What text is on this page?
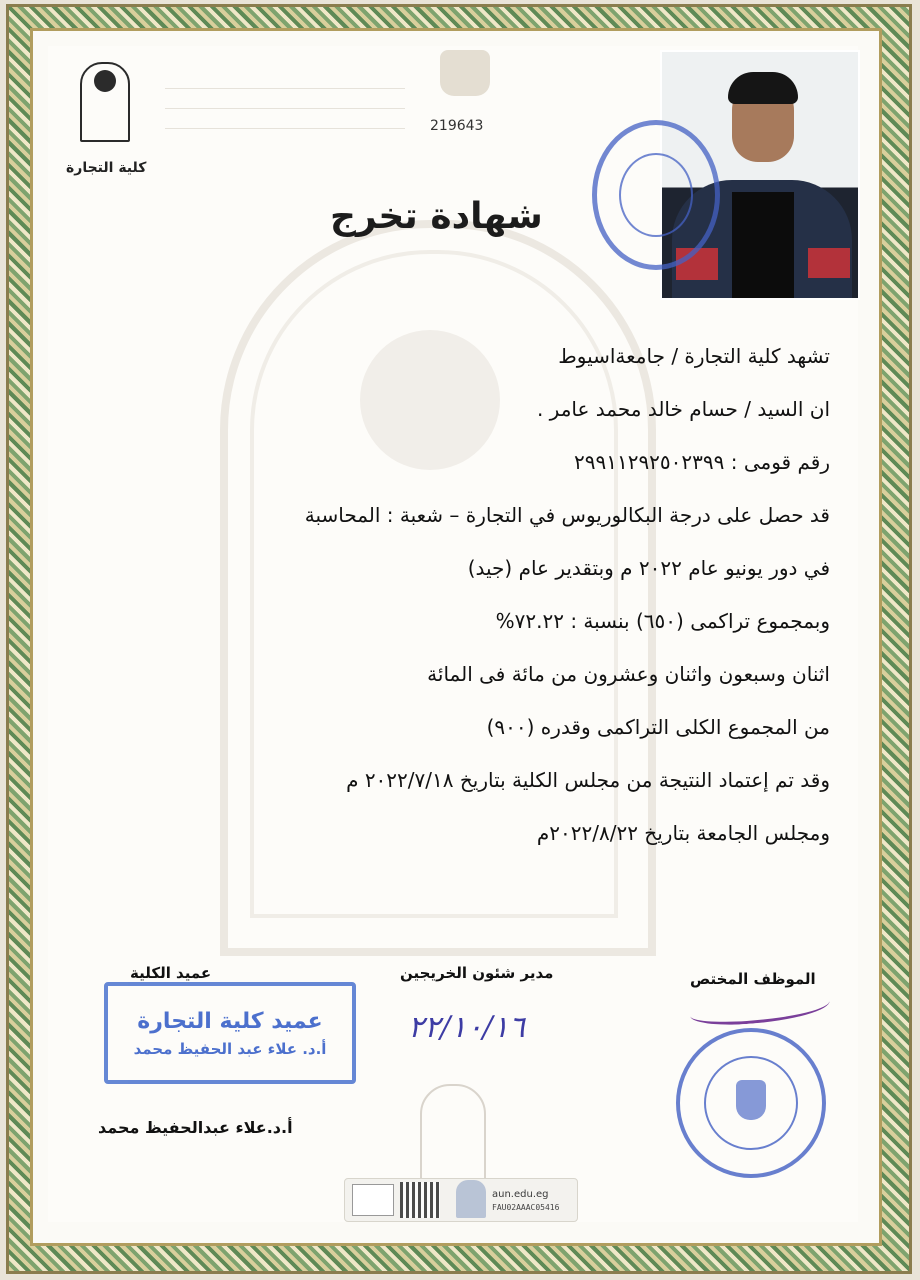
219643
كلية التجارة
شهادة تخرج
تشهد كلية التجارة / جامعةاسيوط
ان السيد / حسام خالد محمد عامر .
رقم قومى : ٢٩٩١١٢٩٢٥٠٢٣٩٩
قد حصل على درجة البكالوريوس في التجارة – شعبة : المحاسبة
في دور يونيو عام ٢٠٢٢ م وبتقدير عام (جيد)
وبمجموع تراكمى (٦٥٠) بنسبة : ٧٢.٢٢%
اثنان وسبعون واثنان وعشرون من مائة فى المائة
من المجموع الكلى التراكمى وقدره (٩٠٠)
وقد تم إعتماد النتيجة من مجلس الكلية بتاريخ ٢٠٢٢/٧/١٨ م
ومجلس الجامعة بتاريخ ٢٠٢٢/٨/٢٢م
الموظف المختص
مدير شئون الخريجين
عميد الكلية
عميد كلية التجارة
أ.د. علاء عبد الحفيظ محمد
٢٢/١٠/١٦
أ.د.علاء عبدالحفيظ محمد
aun.edu.eg
FAU02AAAC05416
